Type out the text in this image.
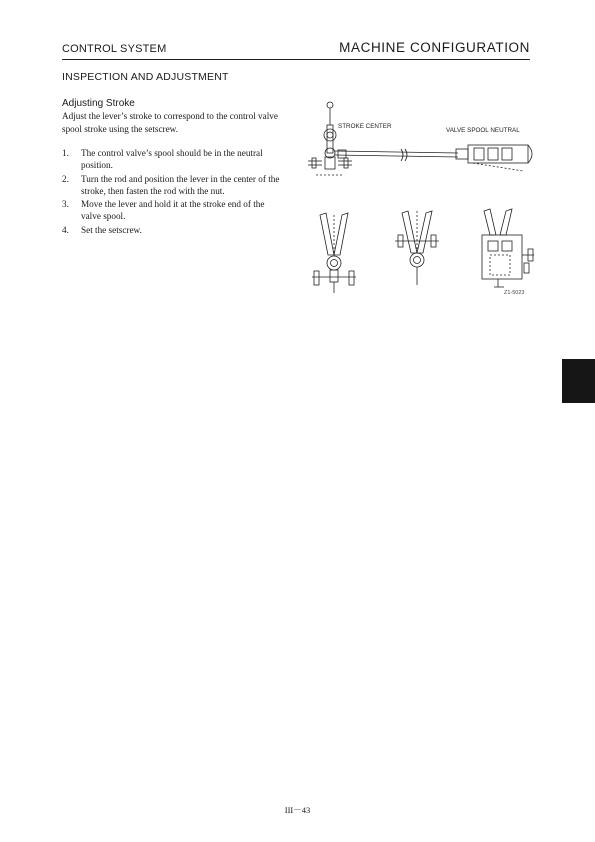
CONTROL SYSTEM	MACHINE CONFIGURATION
INSPECTION AND ADJUSTMENT
Adjusting Stroke
Adjust the lever’s stroke to correspond to the control valve spool stroke using the setscrew.
1. The control valve’s spool should be in the neutral position.
2. Turn the rod and position the lever in the center of the stroke, then fasten the rod with the nut.
3. Move the lever and hold it at the stroke end of the valve spool.
4. Set the setscrew.
STROKE CENTER
VALVE SPOOL NEUTRAL
Z1-5023
III－43
